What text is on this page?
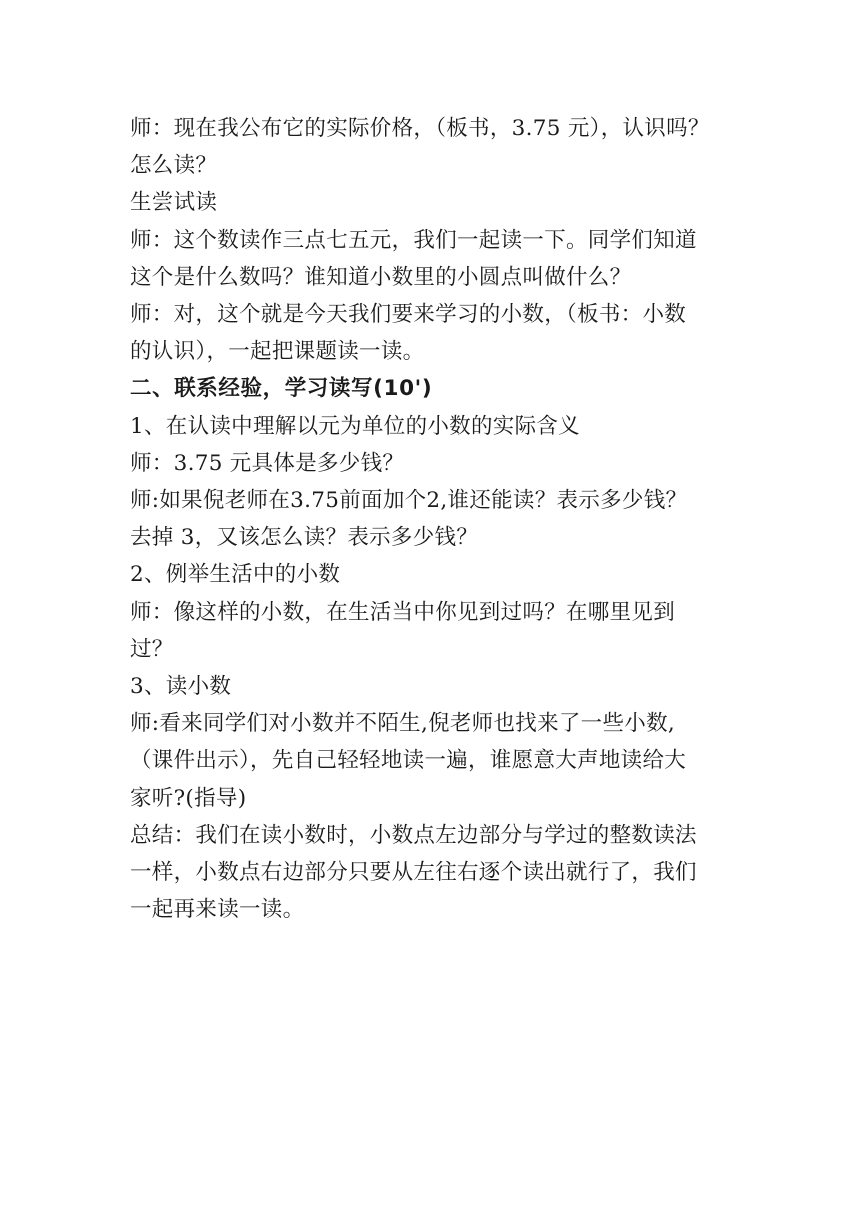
师：现在我公布它的实际价格，（板书，3.75 元），认识吗？
怎么读？
生尝试读
师：这个数读作三点七五元，我们一起读一下。同学们知道
这个是什么数吗？谁知道小数里的小圆点叫做什么？
师：对，这个就是今天我们要来学习的小数，（板书：小数
的认识），一起把课题读一读。
二、联系经验，学习读写(10')
1、在认读中理解以元为单位的小数的实际含义
师：3.75 元具体是多少钱？
师:如果倪老师在3.75前面加个2,谁还能读？表示多少钱？
去掉 3，又该怎么读？表示多少钱？
2、例举生活中的小数
师：像这样的小数，在生活当中你见到过吗？在哪里见到
过？
3、读小数
师:看来同学们对小数并不陌生,倪老师也找来了一些小数,
（课件出示），先自己轻轻地读一遍，谁愿意大声地读给大
家听?(指导)
总结：我们在读小数时，小数点左边部分与学过的整数读法
一样，小数点右边部分只要从左往右逐个读出就行了，我们
一起再来读一读。
